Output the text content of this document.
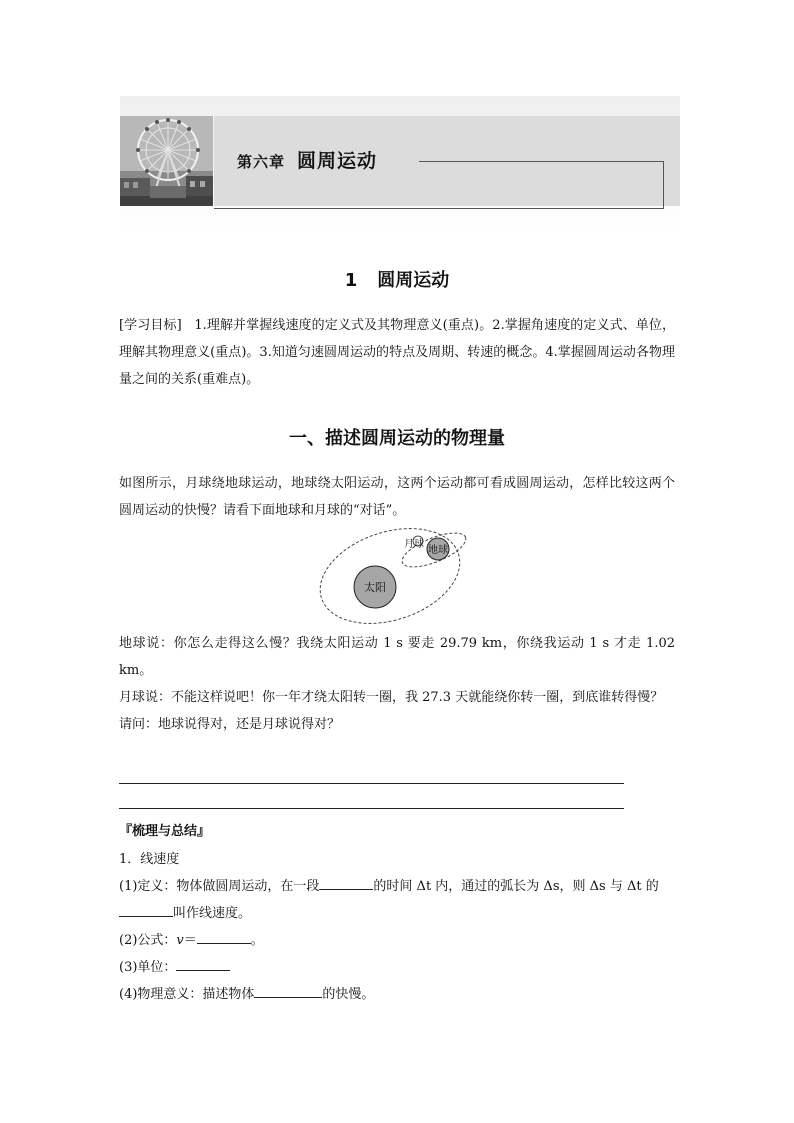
第六章 圆周运动
1 圆周运动
[学习目标] 1.理解并掌握线速度的定义式及其物理意义(重点)。2.掌握角速度的定义式、单位，理解其物理意义(重点)。3.知道匀速圆周运动的特点及周期、转速的概念。4.掌握圆周运动各物理量之间的关系(重难点)。
一、描述圆周运动的物理量
如图所示，月球绕地球运动，地球绕太阳运动，这两个运动都可看成圆周运动，怎样比较这两个圆周运动的快慢？请看下面地球和月球的“对话”。
太阳
地球
月球

地球说：你怎么走得这么慢？我绕太阳运动 1 s 要走 29.79 km，你绕我运动 1 s 才走 1.02 km。

月球说：不能这样说吧！你一年才绕太阳转一圈，我 27.3 天就能绕你转一圈，到底谁转得慢？

请问：地球说得对，还是月球说得对？

『梳理与总结』

1．线速度

(1)定义：物体做圆周运动，在一段	的时间 Δt 内，通过的弧长为 Δs，则 Δs 与 Δt 的
叫作线速度。

(2)公式：v＝	。

(3)单位：

(4)物理意义：描述物体	的快慢。
